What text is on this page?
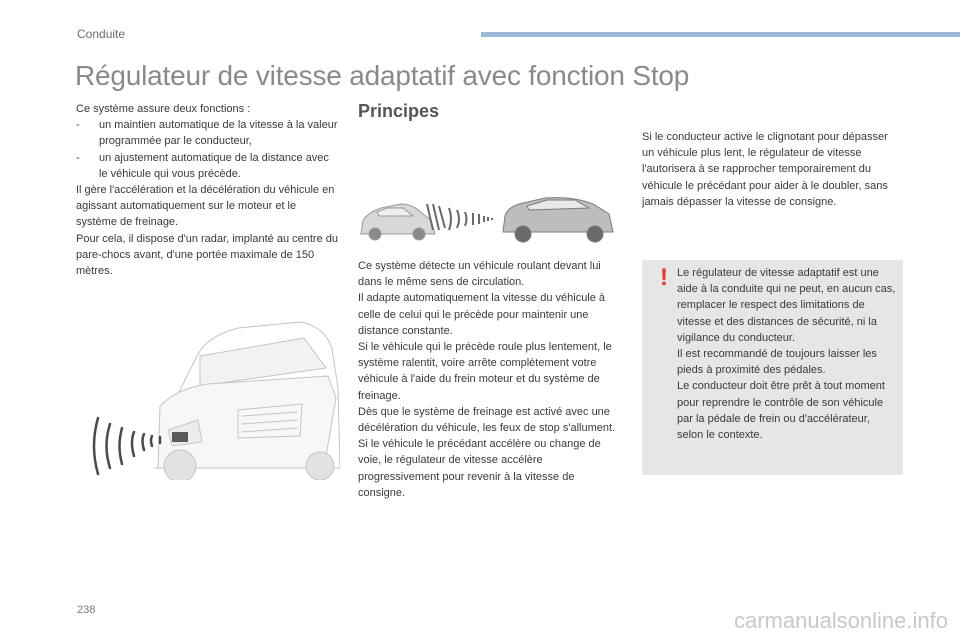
Conduite
Régulateur de vitesse adaptatif avec fonction Stop

Ce système assure deux fonctions :

- un maintien automatique de la vitesse à la valeur programmée par le conducteur,

- un ajustement automatique de la distance avec le véhicule qui vous précède.

Il gère l'accélération et la décélération du véhicule en agissant automatiquement sur le moteur et le système de freinage.

Pour cela, il dispose d'un radar, implanté au centre du pare-chocs avant, d'une portée maximale de 150 mètres.

Principes

Ce système détecte un véhicule roulant devant lui dans le même sens de circulation.

Il adapte automatiquement la vitesse du véhicule à celle de celui qui le précède pour maintenir une distance constante.

Si le véhicule qui le précède roule plus lentement, le système ralentit, voire arrête complètement votre véhicule à l'aide du frein moteur et du système de freinage.

Dès que le système de freinage est activé avec une décélération du véhicule, les feux de stop s'allument.

Si le véhicule le précédant accélère ou change de voie, le régulateur de vitesse accélère progressivement pour revenir à la vitesse de consigne.

Si le conducteur active le clignotant pour dépasser un véhicule plus lent, le régulateur de vitesse l'autorisera à se rapprocher temporairement du véhicule le précédant pour aider à le doubler, sans jamais dépasser la vitesse de consigne.

! Le régulateur de vitesse adaptatif est une aide à la conduite qui ne peut, en aucun cas, remplacer le respect des limitations de vitesse et des distances de sécurité, ni la vigilance du conducteur.

Il est recommandé de toujours laisser les pieds à proximité des pédales.

Le conducteur doit être prêt à tout moment pour reprendre le contrôle de son véhicule par la pédale de frein ou d'accélérateur, selon le contexte.

238	carmanualsonline.info
